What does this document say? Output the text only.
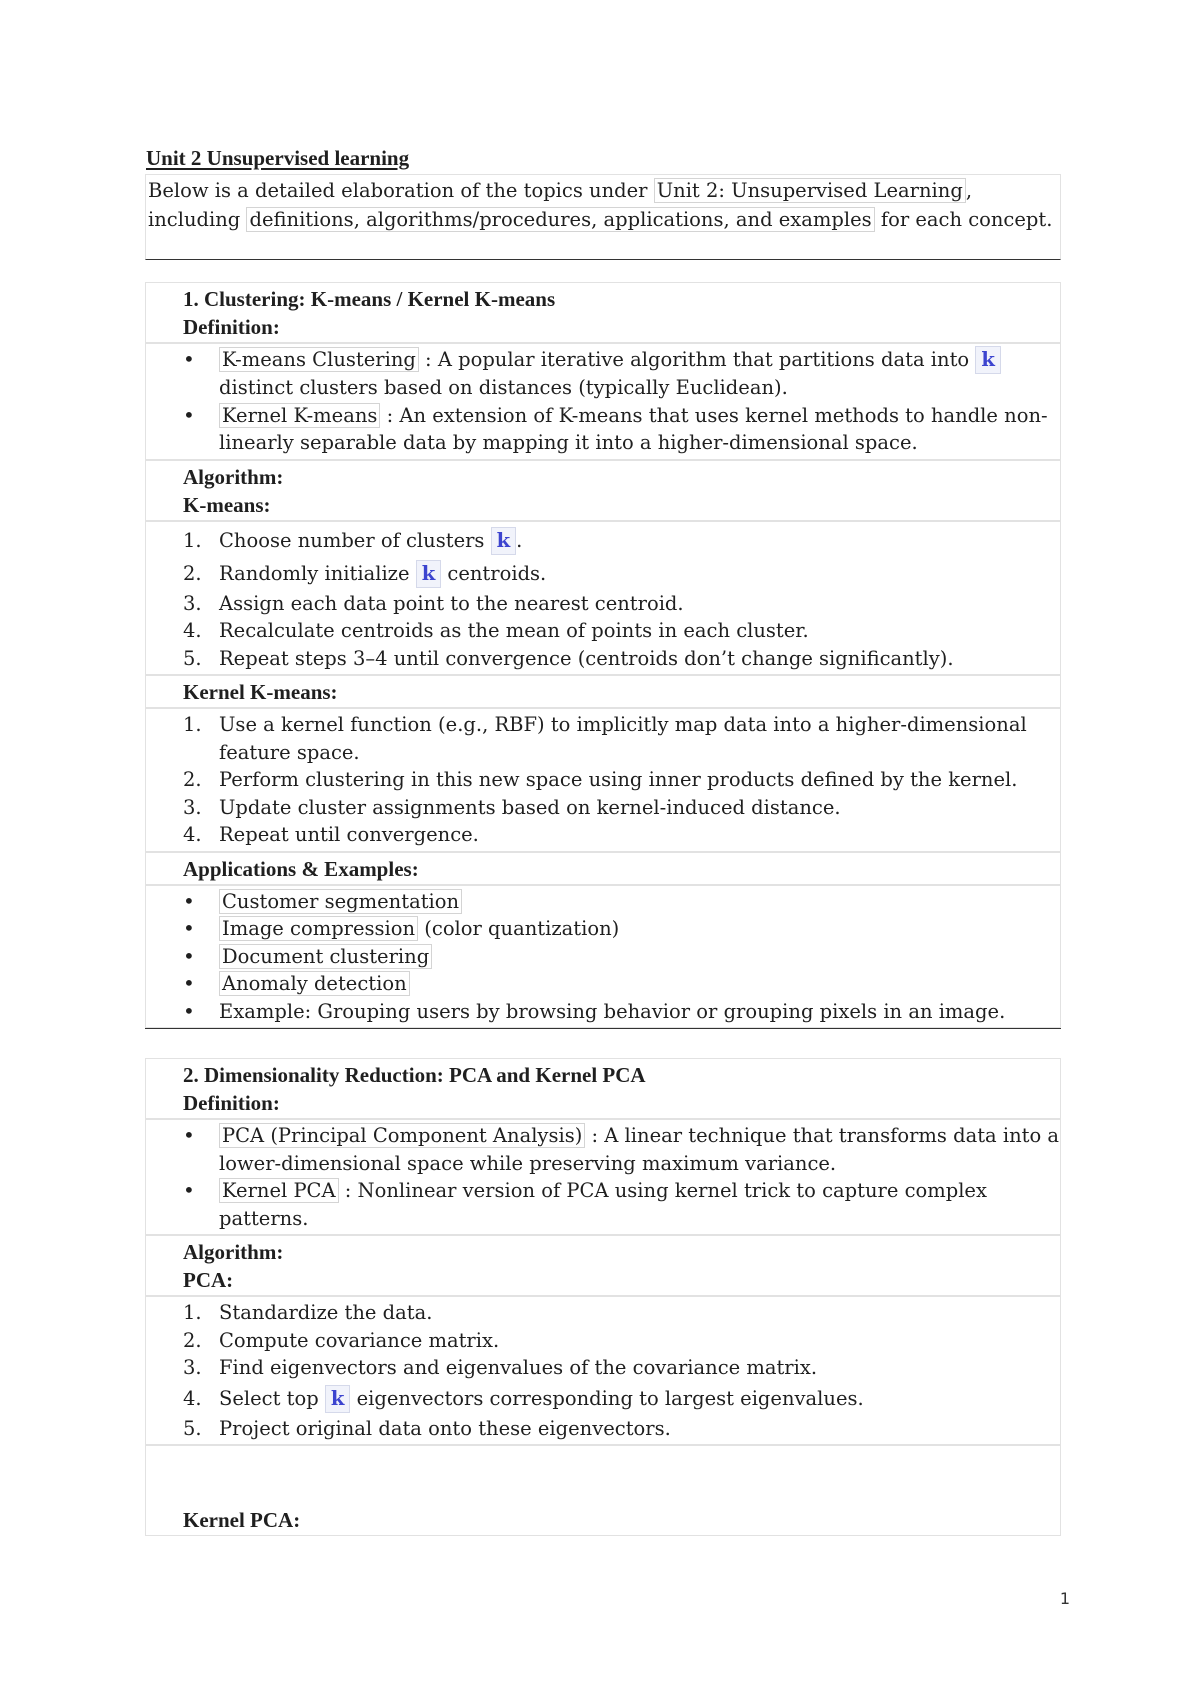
Unit 2 Unsupervised learning
Below is a detailed elaboration of the topics under Unit 2: Unsupervised Learning , including definitions, algorithms/procedures, applications, and examples for each concept.
1. Clustering: K-means / Kernel K-means
Definition:
• K-means Clustering : A popular iterative algorithm that partitions data into k distinct clusters based on distances (typically Euclidean).
• Kernel K-means : An extension of K-means that uses kernel methods to handle non-linearly separable data by mapping it into a higher-dimensional space.
Algorithm:
K-means:
1. Choose number of clusters k .
2. Randomly initialize k centroids.
3. Assign each data point to the nearest centroid.
4. Recalculate centroids as the mean of points in each cluster.
5. Repeat steps 3–4 until convergence (centroids don’t change significantly).
Kernel K-means:
1. Use a kernel function (e.g., RBF) to implicitly map data into a higher-dimensional feature space.
2. Perform clustering in this new space using inner products defined by the kernel.
3. Update cluster assignments based on kernel-induced distance.
4. Repeat until convergence.
Applications & Examples:
• Customer segmentation
• Image compression (color quantization)
• Document clustering
• Anomaly detection
• Example: Grouping users by browsing behavior or grouping pixels in an image.
2. Dimensionality Reduction: PCA and Kernel PCA
Definition:
• PCA (Principal Component Analysis) : A linear technique that transforms data into a lower-dimensional space while preserving maximum variance.
• Kernel PCA : Nonlinear version of PCA using kernel trick to capture complex patterns.
Algorithm:
PCA:
1. Standardize the data.
2. Compute covariance matrix.
3. Find eigenvectors and eigenvalues of the covariance matrix.
4. Select top k eigenvectors corresponding to largest eigenvalues.
5. Project original data onto these eigenvectors.
Kernel PCA:
1
